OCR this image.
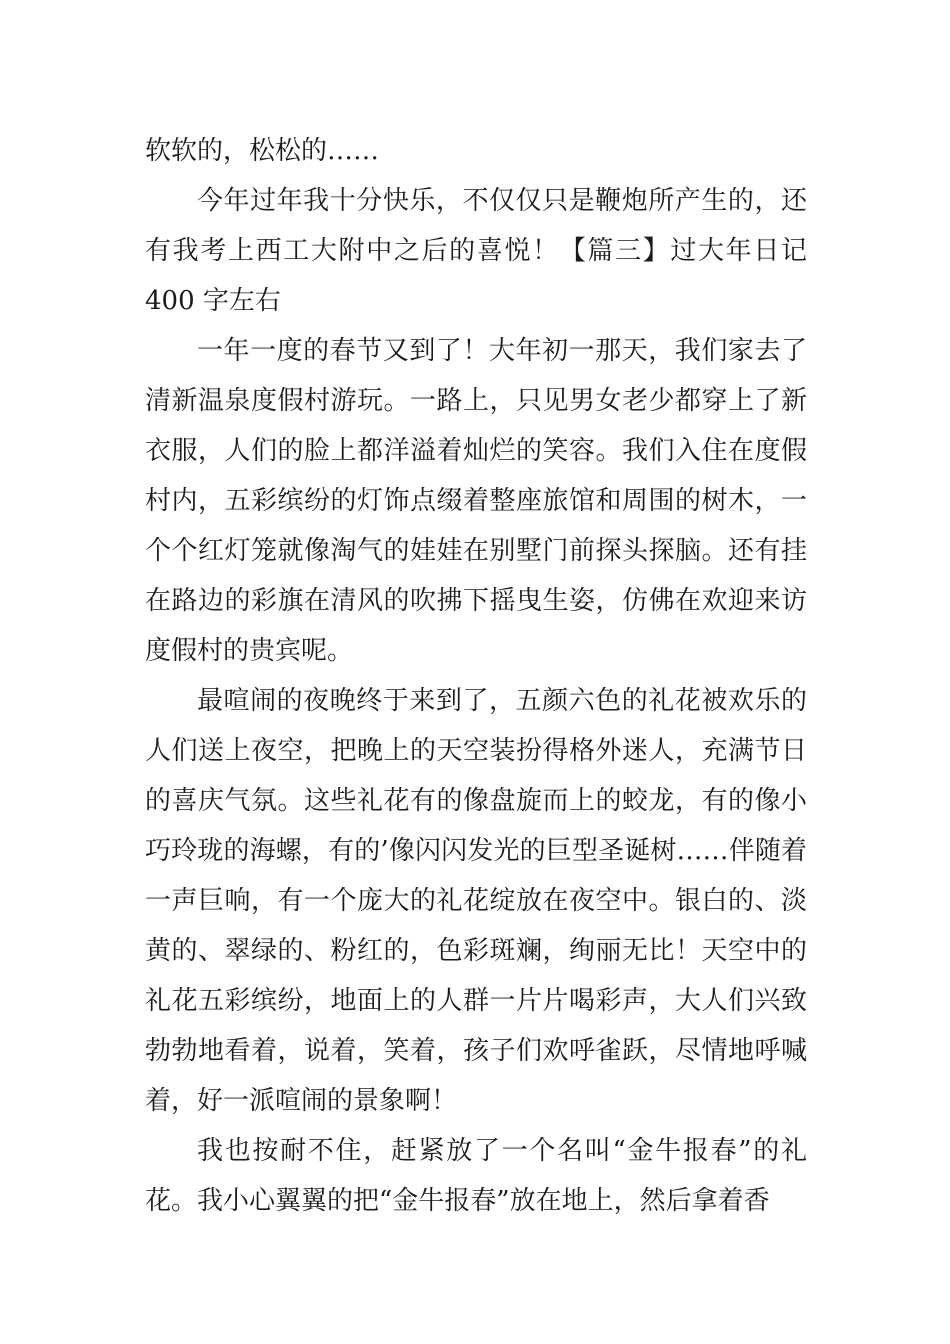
软软的，松松的……

今年过年我十分快乐，不仅仅只是鞭炮所产生的，还有我考上西工大附中之后的喜悦！【篇三】过大年日记 400 字左右

一年一度的春节又到了！大年初一那天，我们家去了清新温泉度假村游玩。一路上，只见男女老少都穿上了新衣服，人们的脸上都洋溢着灿烂的笑容。我们入住在度假村内，五彩缤纷的灯饰点缀着整座旅馆和周围的树木，一个个红灯笼就像淘气的娃娃在别墅门前探头探脑。还有挂在路边的彩旗在清风的吹拂下摇曳生姿，仿佛在欢迎来访度假村的贵宾呢。

最喧闹的夜晚终于来到了，五颜六色的礼花被欢乐的人们送上夜空，把晚上的天空装扮得格外迷人，充满节日的喜庆气氛。这些礼花有的像盘旋而上的蛟龙，有的像小巧玲珑的海螺，有的’像闪闪发光的巨型圣诞树……伴随着一声巨响，有一个庞大的礼花绽放在夜空中。银白的、淡黄的、翠绿的、粉红的，色彩斑斓，绚丽无比！天空中的礼花五彩缤纷，地面上的人群一片片喝彩声，大人们兴致勃勃地看着，说着，笑着，孩子们欢呼雀跃，尽情地呼喊着，好一派喧闹的景象啊！

我也按耐不住，赶紧放了一个名叫“金牛报春”的礼花。我小心翼翼的把“金牛报春”放在地上，然后拿着香
